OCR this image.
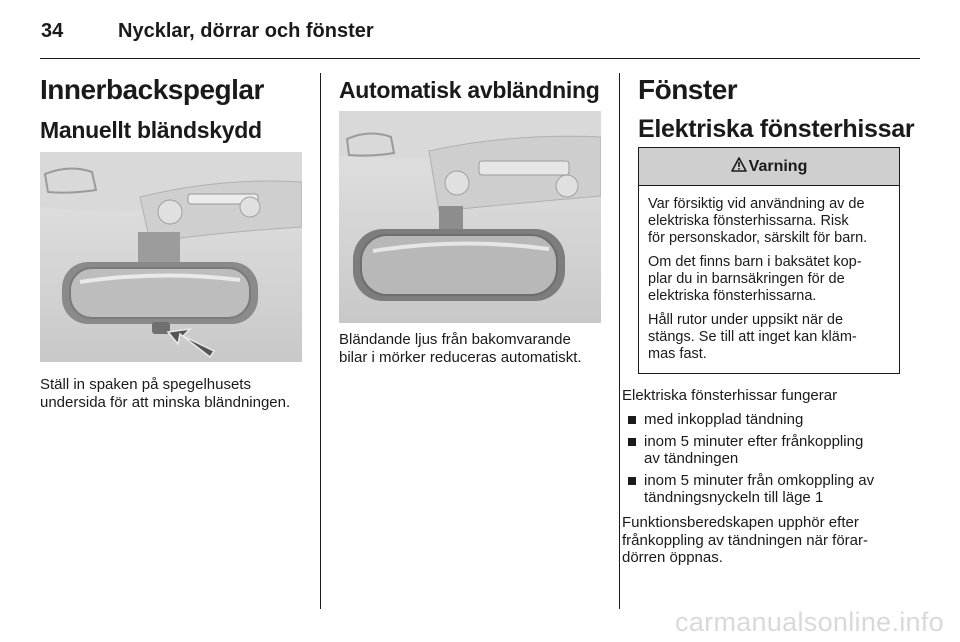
34	Nycklar, dörrar och fönster
Innerbackspeglar
Manuellt bländskydd
Ställ in spaken på spegelhusets
undersida för att minska bländningen.
Automatisk avbländning
Bländande ljus från bakomvarande
bilar i mörker reduceras automatiskt.
Fönster
Elektriska fönsterhissar
Varning

Var försiktig vid användning av de
elektriska fönsterhissarna. Risk
för personskador, särskilt för barn.

Om det finns barn i baksätet kop-
plar du in barnsäkringen för de
elektriska fönsterhissarna.

Håll rutor under uppsikt när de
stängs. Se till att inget kan kläm-
mas fast.

Elektriska fönsterhissar fungerar
med inkopplad tändning
inom 5 minuter efter frånkoppling
av tändningen
inom 5 minuter från omkoppling av
tändningsnyckeln till läge 1
Funktionsberedskapen upphör efter
frånkoppling av tändningen när förar-
dörren öppnas.
carmanualsonline.info
